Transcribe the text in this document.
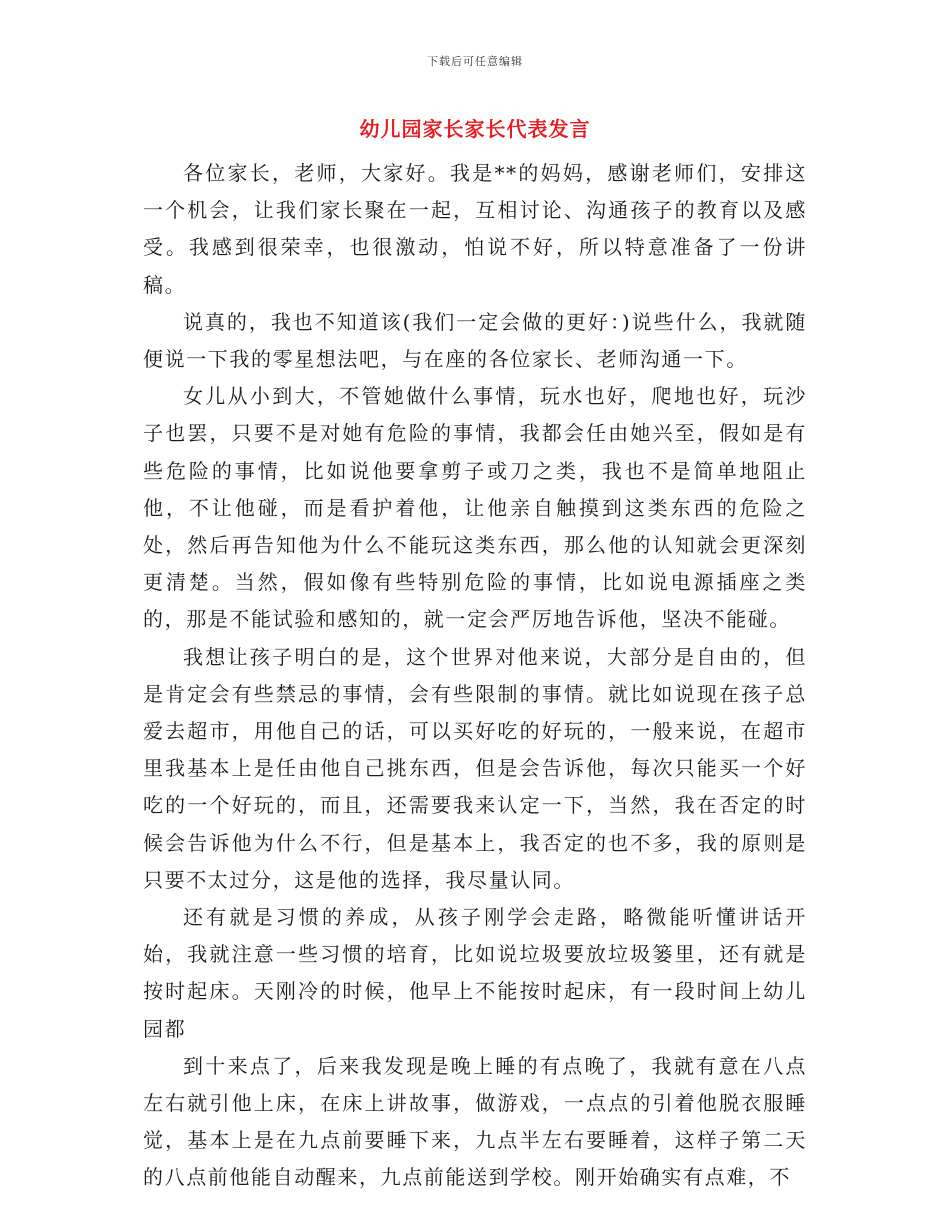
下载后可任意编辑
幼儿园家长家长代表发言

各位家长，老师，大家好。我是**的妈妈，感谢老师们，安排这一个机会，让我们家长聚在一起，互相讨论、沟通孩子的教育以及感受。我感到很荣幸，也很激动，怕说不好，所以特意准备了一份讲稿。

说真的，我也不知道该(我们一定会做的更好：)说些什么，我就随便说一下我的零星想法吧，与在座的各位家长、老师沟通一下。

女儿从小到大，不管她做什么事情，玩水也好，爬地也好，玩沙子也罢，只要不是对她有危险的事情，我都会任由她兴至，假如是有些危险的事情，比如说他要拿剪子或刀之类，我也不是简单地阻止他，不让他碰，而是看护着他，让他亲自触摸到这类东西的危险之处，然后再告知他为什么不能玩这类东西，那么他的认知就会更深刻更清楚。当然，假如像有些特别危险的事情，比如说电源插座之类的，那是不能试验和感知的，就一定会严厉地告诉他，坚决不能碰。

我想让孩子明白的是，这个世界对他来说，大部分是自由的，但是肯定会有些禁忌的事情，会有些限制的事情。就比如说现在孩子总爱去超市，用他自己的话，可以买好吃的好玩的，一般来说，在超市里我基本上是任由他自己挑东西，但是会告诉他，每次只能买一个好吃的一个好玩的，而且，还需要我来认定一下，当然，我在否定的时候会告诉他为什么不行，但是基本上，我否定的也不多，我的原则是只要不太过分，这是他的选择，我尽量认同。

还有就是习惯的养成，从孩子刚学会走路，略微能听懂讲话开始，我就注意一些习惯的培育，比如说垃圾要放垃圾篓里，还有就是按时起床。天刚冷的时候，他早上不能按时起床，有一段时间上幼儿园都

到十来点了，后来我发现是晚上睡的有点晚了，我就有意在八点左右就引他上床，在床上讲故事，做游戏，一点点的引着他脱衣服睡觉，基本上是在九点前要睡下来，九点半左右要睡着，这样子第二天的八点前他能自动醒来，九点前能送到学校。刚开始确实有点难，不
